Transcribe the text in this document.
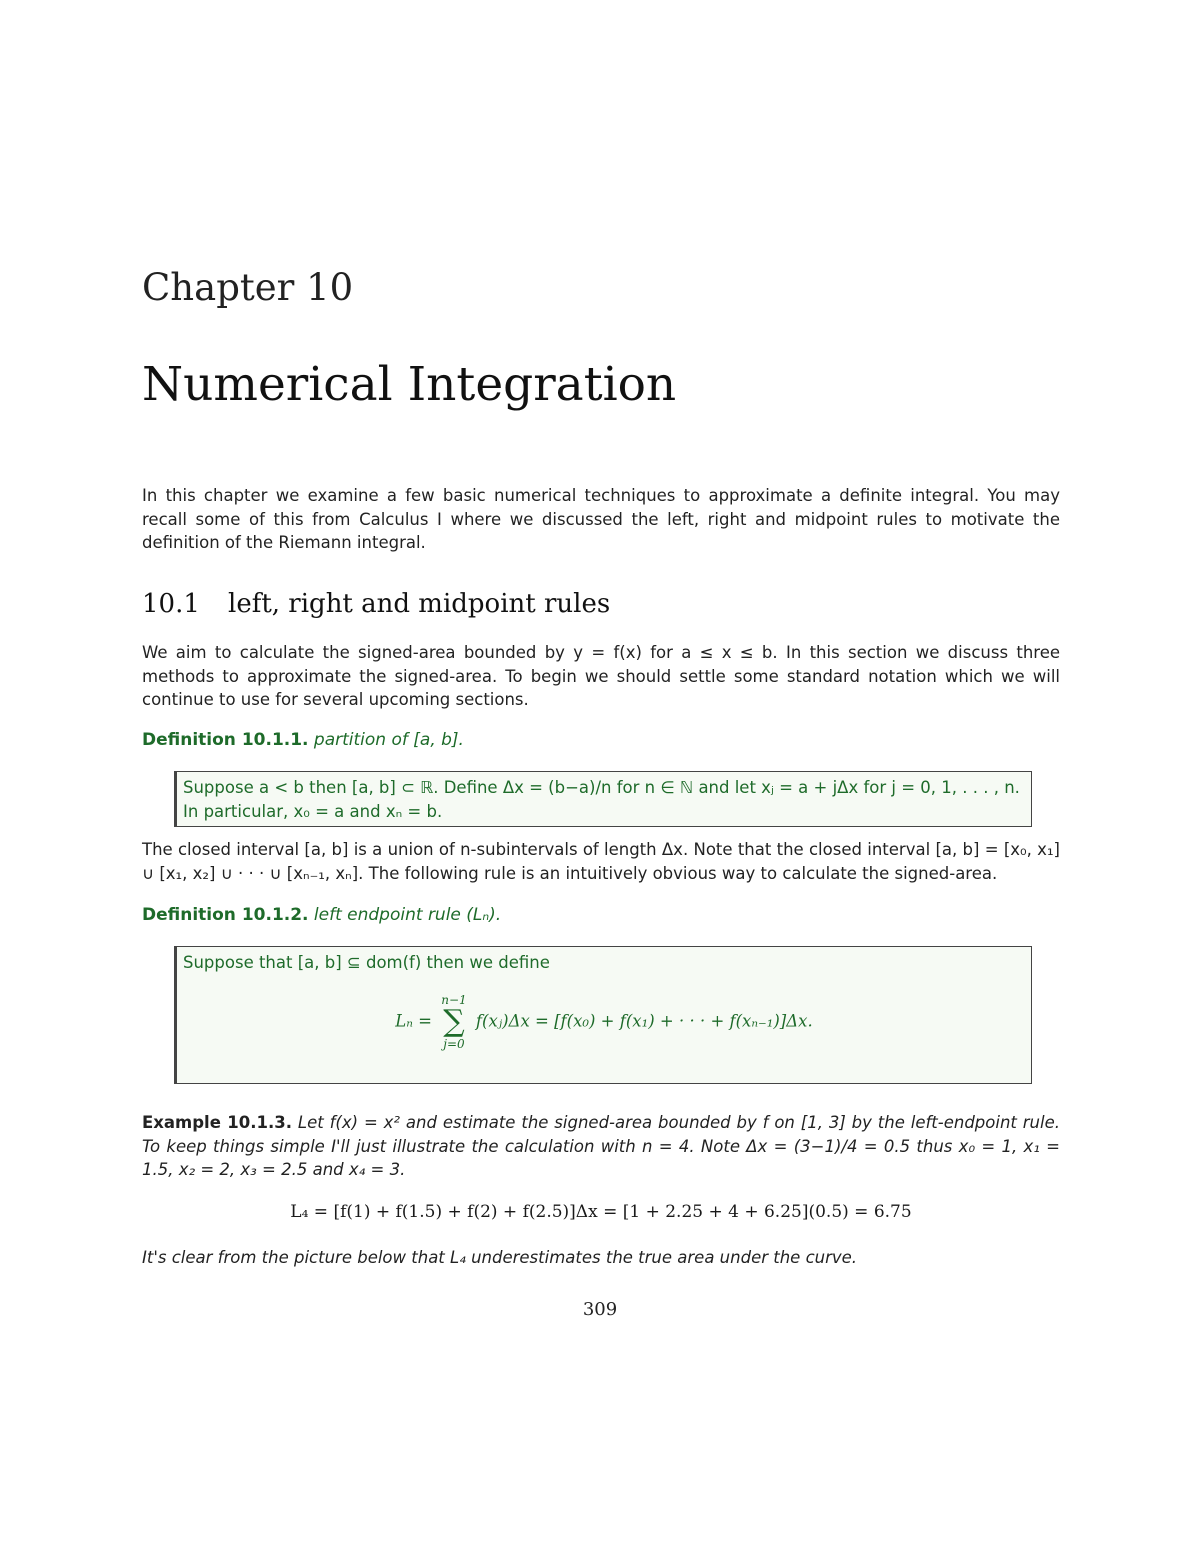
Chapter 10
Numerical Integration
In this chapter we examine a few basic numerical techniques to approximate a definite integral. You may recall some of this from Calculus I where we discussed the left, right and midpoint rules to motivate the definition of the Riemann integral.
10.1 left, right and midpoint rules
We aim to calculate the signed-area bounded by y = f(x) for a ≤ x ≤ b. In this section we discuss three methods to approximate the signed-area. To begin we should settle some standard notation which we will continue to use for several upcoming sections.
Definition 10.1.1. partition of [a, b].
Suppose a < b then [a, b] ⊂ ℝ. Define Δx = (b−a)/n for n ∈ ℕ and let xⱼ = a + jΔx for j = 0, 1, . . . , n.
In particular, x₀ = a and xₙ = b.
The closed interval [a, b] is a union of n-subintervals of length Δx. Note that the closed interval [a, b] = [x₀, x₁] ∪ [x₁, x₂] ∪ · · · ∪ [xₙ₋₁, xₙ]. The following rule is an intuitively obvious way to calculate the signed-area.
Definition 10.1.2. left endpoint rule (Lₙ).
Suppose that [a, b] ⊆ dom(f) then we define
Lₙ =
n−1
∑
j=0
f(xⱼ)Δx = [f(x₀) + f(x₁) + · · · + f(xₙ₋₁)]Δx.
Example 10.1.3. Let f(x) = x² and estimate the signed-area bounded by f on [1, 3] by the left-endpoint rule. To keep things simple I'll just illustrate the calculation with n = 4. Note Δx = (3−1)/4 = 0.5 thus x₀ = 1, x₁ = 1.5, x₂ = 2, x₃ = 2.5 and x₄ = 3.
L₄ = [f(1) + f(1.5) + f(2) + f(2.5)]Δx = [1 + 2.25 + 4 + 6.25](0.5) = 6.75
It's clear from the picture below that L₄ underestimates the true area under the curve.
309
